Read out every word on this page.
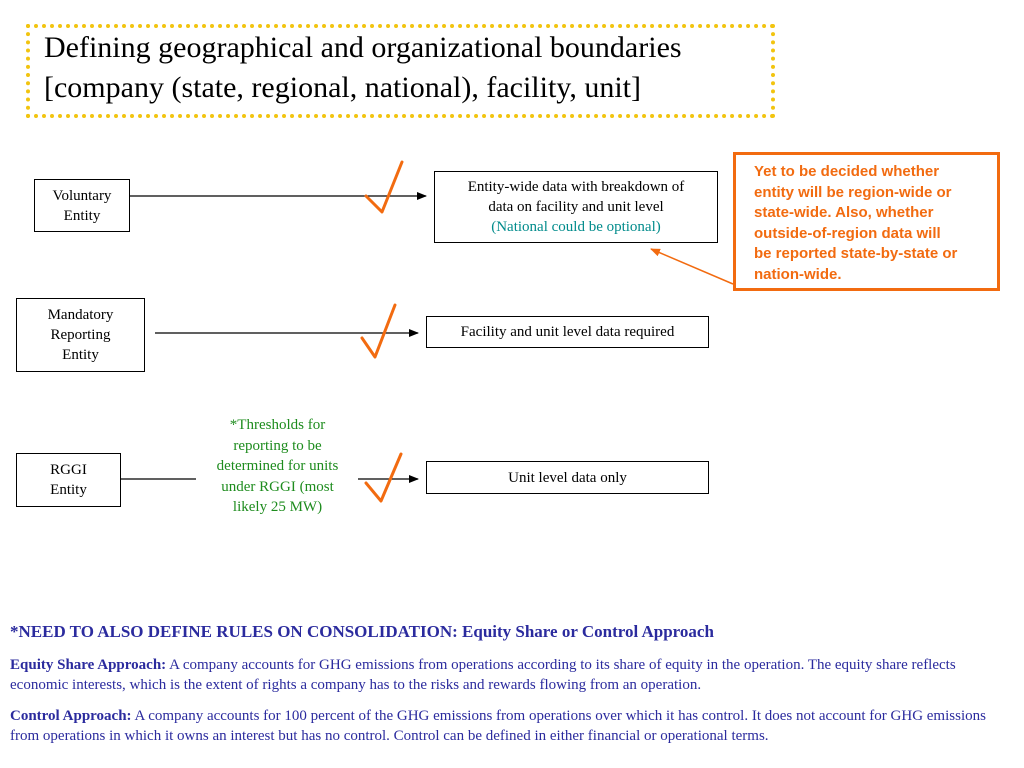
Defining geographical and organizational boundaries
[company (state, regional, national), facility, unit]
Voluntary
Entity
Mandatory
Reporting
Entity
RGGI
Entity
Entity-wide data with breakdown of
data on facility and unit level
(National could be optional)
Facility and unit level data required
Unit level data only
Yet to be decided whether
entity will be region-wide or
state-wide. Also, whether
outside-of-region data will
be reported state-by-state or
nation-wide.
*Thresholds for
reporting to be
determined for units
under RGGI (most
likely 25 MW)
*NEED TO ALSO DEFINE RULES ON CONSOLIDATION: Equity Share or Control Approach
Equity Share Approach: A company accounts for GHG emissions from operations according to its share of equity in the operation. The equity share reflects economic interests, which is the extent of rights a company has to the risks and rewards flowing from an operation.
Control Approach: A company accounts for 100 percent of the GHG emissions from operations over which it has control. It does not account for GHG emissions from operations in which it owns an interest but has no control. Control can be defined in either financial or operational terms.
